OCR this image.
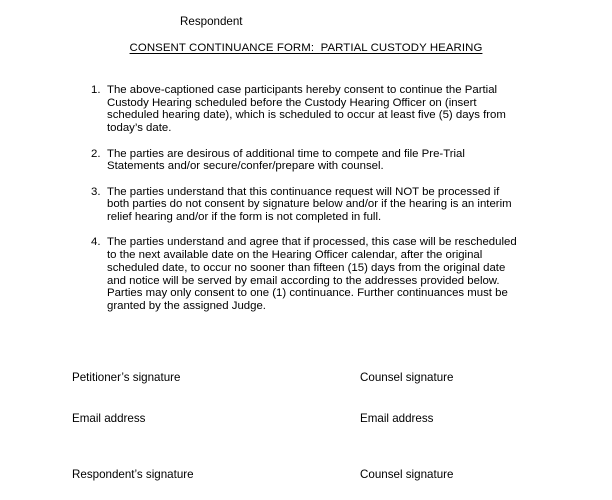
Respondent
CONSENT CONTINUANCE FORM:  PARTIAL CUSTODY HEARING
1. The above-captioned case participants hereby consent to continue the Partial
Custody Hearing scheduled before the Custody Hearing Officer on (insert
scheduled hearing date), which is scheduled to occur at least five (5) days from
today’s date.
2. The parties are desirous of additional time to compete and file Pre-Trial
Statements and/or secure/confer/prepare with counsel.
3. The parties understand that this continuance request will NOT be processed if
both parties do not consent by signature below and/or if the hearing is an interim
relief hearing and/or if the form is not completed in full.
4. The parties understand and agree that if processed, this case will be rescheduled
to the next available date on the Hearing Officer calendar, after the original
scheduled date, to occur no sooner than fifteen (15) days from the original date
and notice will be served by email according to the addresses provided below.
Parties may only consent to one (1) continuance. Further continuances must be
granted by the assigned Judge.
Petitioner’s signature	Counsel signature
Email address	Email address
Respondent’s signature	Counsel signature
